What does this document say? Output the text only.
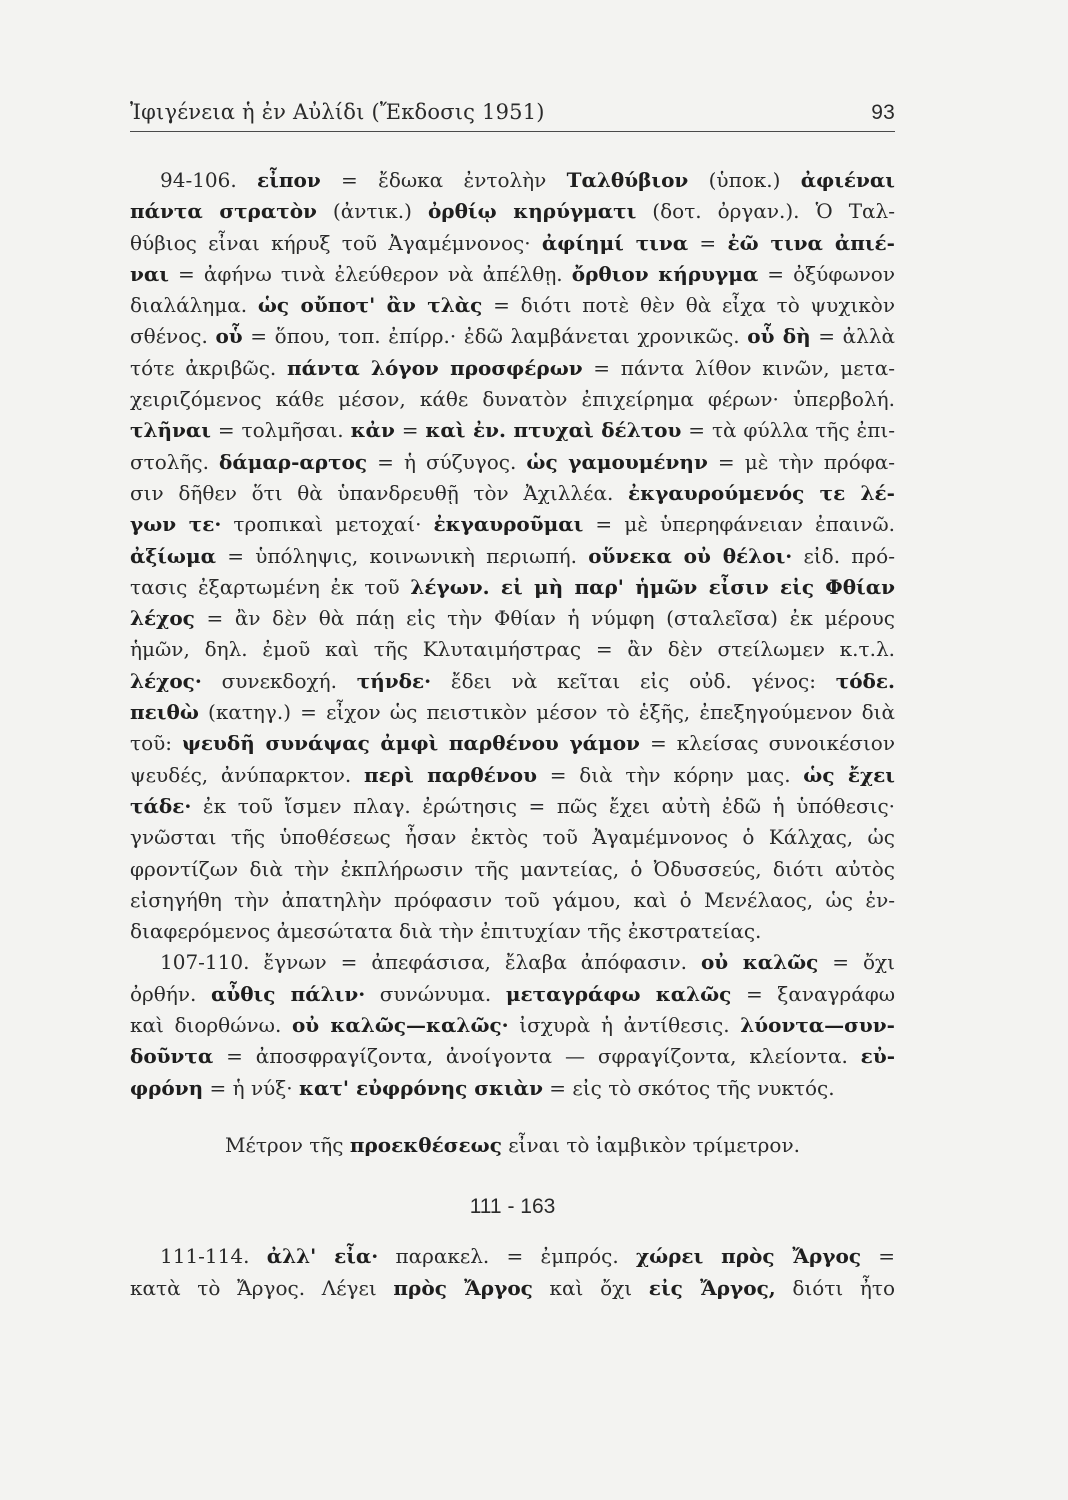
Ἰφιγένεια ἡ ἐν Αὐλίδι (Ἔκδοσις 1951)	93
94-106. εἶπον = ἔδωκα ἐντολὴν Ταλθύβιον (ὑποκ.) ἀφιέναι
πάντα στρατὸν (ἀντικ.) ὀρθίῳ κηρύγματι (δοτ. ὀργαν.). Ὁ Ταλ-
θύβιος εἶναι κήρυξ τοῦ Ἀγαμέμνονος· ἀφίημί τινα = ἐῶ τινα ἀπιέ-
ναι = ἀφήνω τινὰ ἐλεύθερον νὰ ἀπέλθῃ. ὄρθιον κήρυγμα = ὀξύφωνον
διαλάλημα. ὡς οὔποτ' ἂν τλὰς = διότι ποτὲ θὲν θὰ εἶχα τὸ ψυχικὸν
σθένος. οὗ = ὅπου, τοπ. ἐπίρρ.· ἐδῶ λαμβάνεται χρονικῶς. οὗ δὴ = ἀλλὰ
τότε ἀκριβῶς. πάντα λόγον προσφέρων = πάντα λίθον κινῶν, μετα-
χειριζόμενος κάθε μέσον, κάθε δυνατὸν ἐπιχείρημα φέρων· ὑπερβολή.
τλῆναι = τολμῆσαι. κἀν = καὶ ἐν. πτυχαὶ δέλτου = τὰ φύλλα τῆς ἐπι-
στολῆς. δάμαρ-αρτος = ἡ σύζυγος. ὡς γαμουμένην = μὲ τὴν πρόφα-
σιν δῆθεν ὅτι θὰ ὑπανδρευθῇ τὸν Ἀχιλλέα. ἐκγαυρούμενός τε λέ-
γων τε· τροπικαὶ μετοχαί· ἐκγαυροῦμαι = μὲ ὑπερηφάνειαν ἐπαινῶ.
ἀξίωμα = ὑπόληψις, κοινωνικὴ περιωπή. οὕνεκα οὐ θέλοι· εἰδ. πρό-
τασις ἐξαρτωμένη ἐκ τοῦ λέγων. εἰ μὴ παρ' ἡμῶν εἶσιν εἰς Φθίαν
λέχος = ἂν δὲν θὰ πάῃ εἰς τὴν Φθίαν ἡ νύμφη (σταλεῖσα) ἐκ μέρους
ἡμῶν, δηλ. ἐμοῦ καὶ τῆς Κλυταιμήστρας = ἂν δὲν στείλωμεν κ.τ.λ.
λέχος· συνεκδοχή. τήνδε· ἔδει νὰ κεῖται εἰς οὐδ. γένος: τόδε.
πειθὼ (κατηγ.) = εἶχον ὡς πειστικὸν μέσον τὸ ἑξῆς, ἐπεξηγούμενον διὰ
τοῦ: ψευδῆ συνάψας ἀμφὶ παρθένου γάμον = κλείσας συνοικέσιον
ψευδές, ἀνύπαρκτον. περὶ παρθένου = διὰ τὴν κόρην μας. ὡς ἔχει
τάδε· ἐκ τοῦ ἴσμεν πλαγ. ἐρώτησις = πῶς ἔχει αὐτὴ ἐδῶ ἡ ὑπόθεσις·
γνῶσται τῆς ὑποθέσεως ἦσαν ἐκτὸς τοῦ Ἀγαμέμνονος ὁ Κάλχας, ὡς
φροντίζων διὰ τὴν ἐκπλήρωσιν τῆς μαντείας, ὁ Ὀδυσσεύς, διότι αὐτὸς
εἰσηγήθη τὴν ἀπατηλὴν πρόφασιν τοῦ γάμου, καὶ ὁ Μενέλαος, ὡς ἐν-
διαφερόμενος ἀμεσώτατα διὰ τὴν ἐπιτυχίαν τῆς ἐκστρατείας.
107-110. ἔγνων = ἀπεφάσισα, ἔλαβα ἀπόφασιν. οὐ καλῶς = ὄχι
ὀρθήν. αὖθις πάλιν· συνώνυμα. μεταγράφω καλῶς = ξαναγράφω
καὶ διορθώνω. οὐ καλῶς—καλῶς· ἰσχυρὰ ἡ ἀντίθεσις. λύοντα—συν-
δοῦντα = ἀποσφραγίζοντα, ἀνοίγοντα — σφραγίζοντα, κλείοντα. εὐ-
φρόνη = ἡ νύξ· κατ' εὐφρόνης σκιὰν = εἰς τὸ σκότος τῆς νυκτός.
Μέτρον τῆς προεκθέσεως εἶναι τὸ ἰαμβικὸν τρίμετρον.
111 - 163
111-114. ἀλλ' εἶα· παρακελ. = ἐμπρός. χώρει πρὸς Ἄργος =
κατὰ τὸ Ἄργος. Λέγει πρὸς Ἄργος καὶ ὄχι εἰς Ἄργος, διότι ἦτο
